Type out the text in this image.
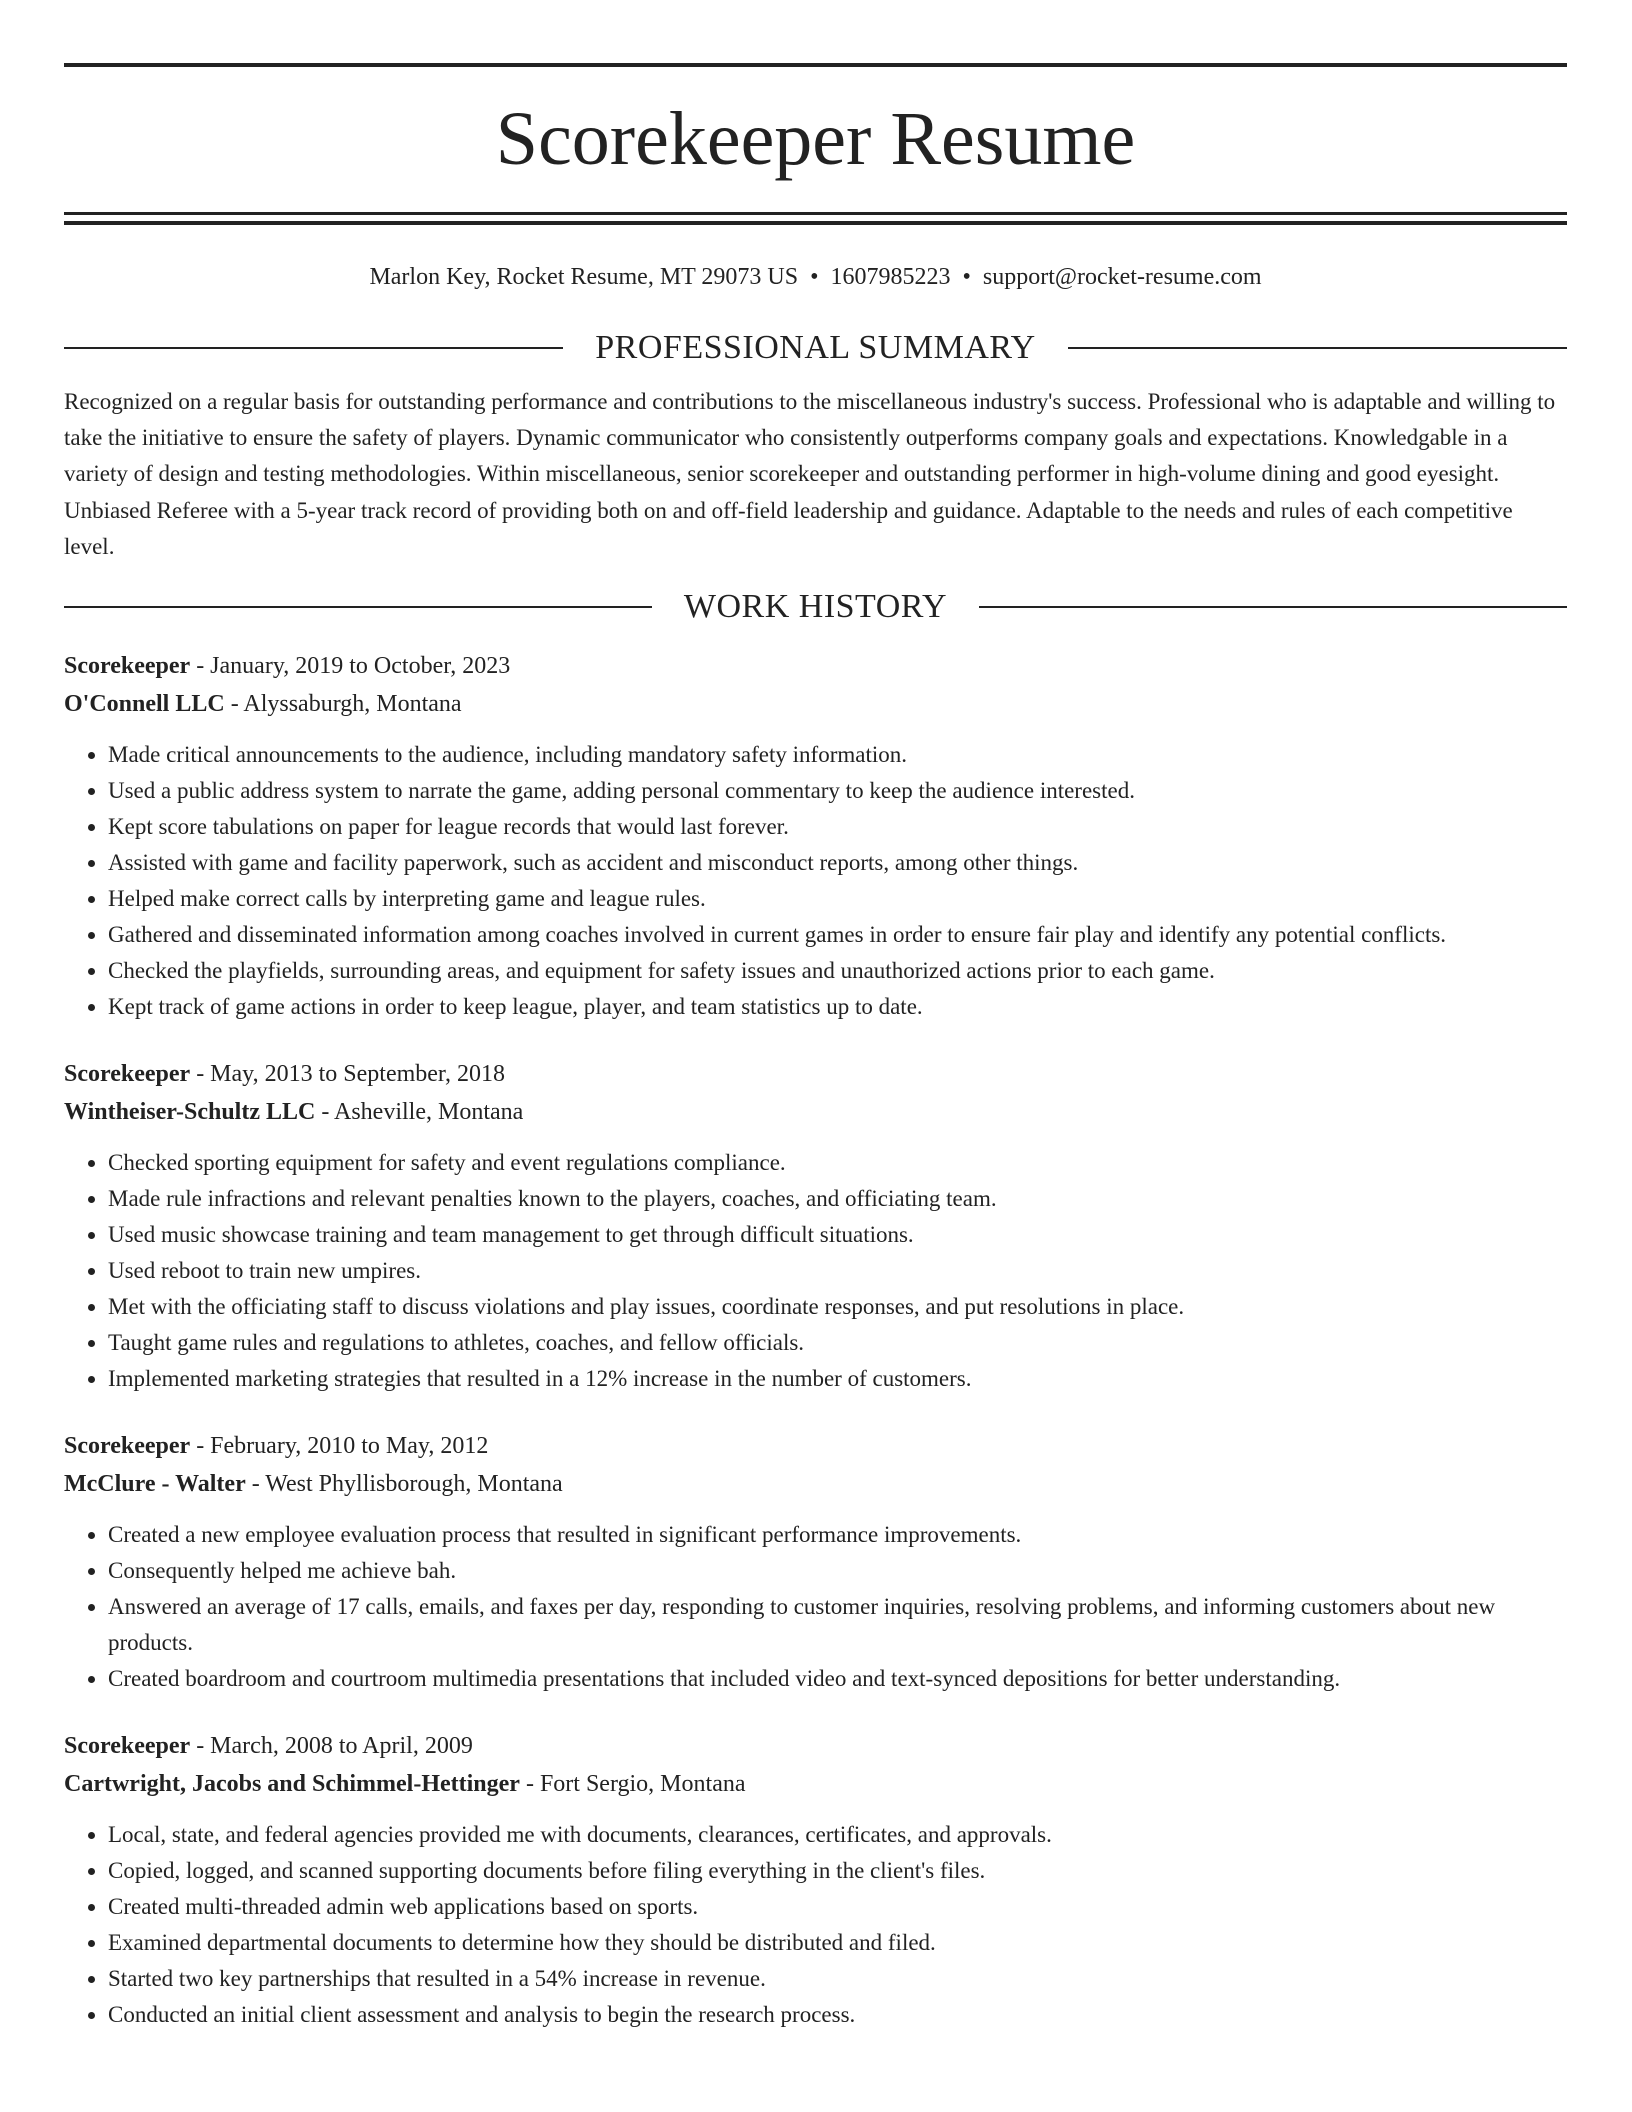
Scorekeeper Resume
Marlon Key, Rocket Resume, MT 29073 US • 1607985223 • support@rocket-resume.com
PROFESSIONAL SUMMARY
Recognized on a regular basis for outstanding performance and contributions to the miscellaneous industry's success. Professional who is adaptable and willing to take the initiative to ensure the safety of players. Dynamic communicator who consistently outperforms company goals and expectations. Knowledgable in a variety of design and testing methodologies. Within miscellaneous, senior scorekeeper and outstanding performer in high-volume dining and good eyesight. Unbiased Referee with a 5-year track record of providing both on and off-field leadership and guidance. Adaptable to the needs and rules of each competitive level.
WORK HISTORY
Scorekeeper - January, 2019 to October, 2023
O'Connell LLC - Alyssaburgh, Montana
• Made critical announcements to the audience, including mandatory safety information.
• Used a public address system to narrate the game, adding personal commentary to keep the audience interested.
• Kept score tabulations on paper for league records that would last forever.
• Assisted with game and facility paperwork, such as accident and misconduct reports, among other things.
• Helped make correct calls by interpreting game and league rules.
• Gathered and disseminated information among coaches involved in current games in order to ensure fair play and identify any potential conflicts.
• Checked the playfields, surrounding areas, and equipment for safety issues and unauthorized actions prior to each game.
• Kept track of game actions in order to keep league, player, and team statistics up to date.
Scorekeeper - May, 2013 to September, 2018
Wintheiser-Schultz LLC - Asheville, Montana
• Checked sporting equipment for safety and event regulations compliance.
• Made rule infractions and relevant penalties known to the players, coaches, and officiating team.
• Used music showcase training and team management to get through difficult situations.
• Used reboot to train new umpires.
• Met with the officiating staff to discuss violations and play issues, coordinate responses, and put resolutions in place.
• Taught game rules and regulations to athletes, coaches, and fellow officials.
• Implemented marketing strategies that resulted in a 12% increase in the number of customers.
Scorekeeper - February, 2010 to May, 2012
McClure - Walter - West Phyllisborough, Montana
• Created a new employee evaluation process that resulted in significant performance improvements.
• Consequently helped me achieve bah.
• Answered an average of 17 calls, emails, and faxes per day, responding to customer inquiries, resolving problems, and informing customers about new products.
• Created boardroom and courtroom multimedia presentations that included video and text-synced depositions for better understanding.
Scorekeeper - March, 2008 to April, 2009
Cartwright, Jacobs and Schimmel-Hettinger - Fort Sergio, Montana
• Local, state, and federal agencies provided me with documents, clearances, certificates, and approvals.
• Copied, logged, and scanned supporting documents before filing everything in the client's files.
• Created multi-threaded admin web applications based on sports.
• Examined departmental documents to determine how they should be distributed and filed.
• Started two key partnerships that resulted in a 54% increase in revenue.
• Conducted an initial client assessment and analysis to begin the research process.
